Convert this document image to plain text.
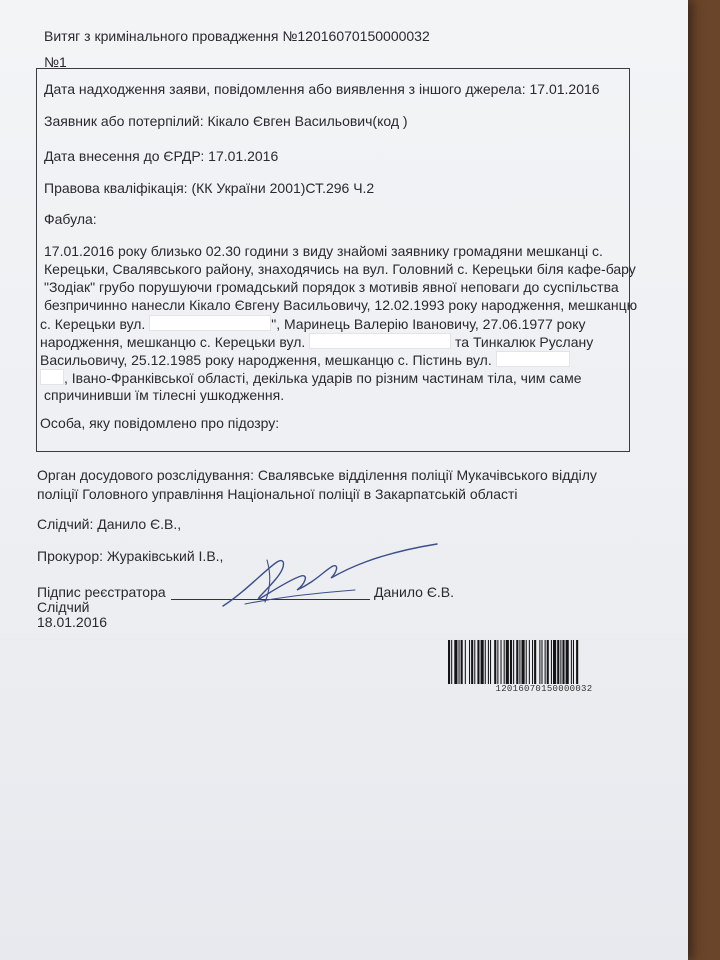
Витяг з кримінального провадження №12016070150000032
№1
Дата надходження заяви, повідомлення або виявлення з іншого джерела: 17.01.2016
Заявник або потерпілий: Кікало Євген Васильович(код )
Дата внесення до ЄРДР: 17.01.2016
Правова кваліфікація: (КК України 2001)СТ.296 Ч.2
Фабула:
17.01.2016 року близько 02.30 години з виду знайомі заявнику громадяни мешканці с.
Керецьки, Свалявського району, знаходячись на вул. Головний с. Керецьки біля кафе-бару
"Зодіак" грубо порушуючи громадський порядок з мотивів явної неповаги до суспільства
безпричинно нанесли Кікало Євгену Васильовичу, 12.02.1993 року народження, мешканцю
с. Керецьки вул.	", Маринець Валерію Івановичу, 27.06.1977 року
народження, мешканцю с. Керецьки вул.	та Тинкалюк Руслану
Васильовичу, 25.12.1985 року народження, мешканцю с. Пістинь вул.
, Івано-Франківської області, декілька ударів по різним частинам тіла, чим саме
спричинивши їм тілесні ушкодження.
Особа, яку повідомлено про підозру:
Орган досудового розслідування: Свалявське відділення поліції Мукачівського відділу
поліції Головного управління Національної поліції в Закарпатській області
Слідчий: Данило Є.В.,
Прокурор: Жураківський І.В.,
Підпис реєстратора	Данило Є.В.
Слідчий
18.01.2016
12016070150000032
